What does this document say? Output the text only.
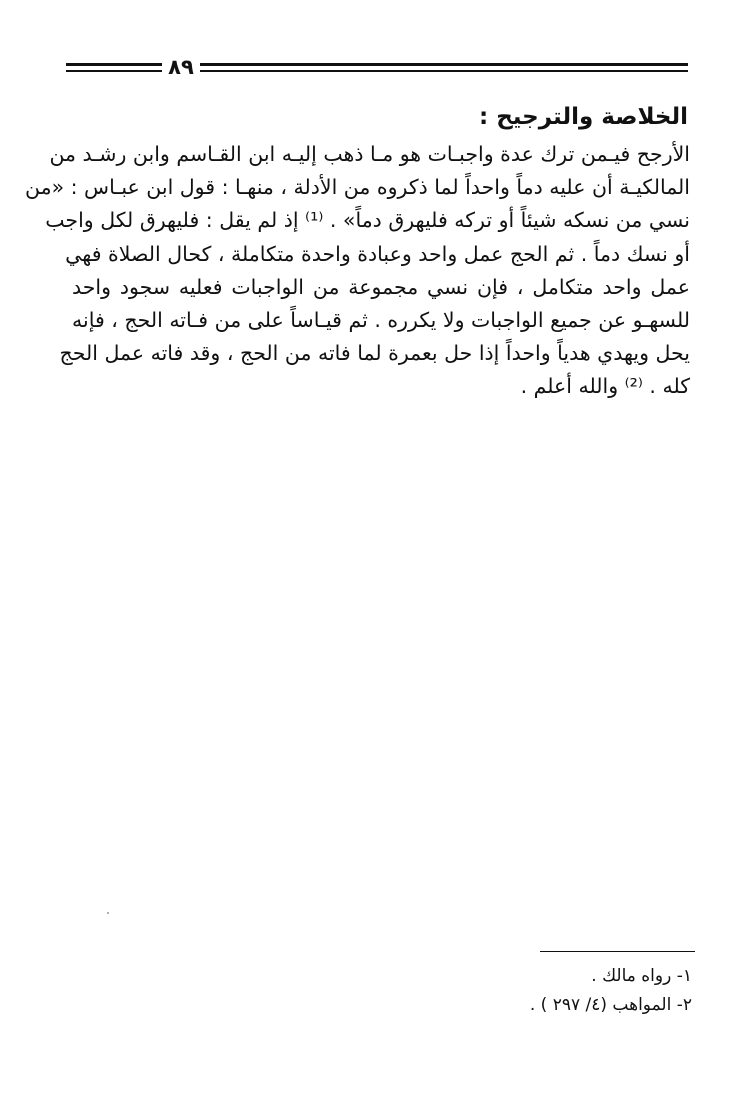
٨٩
الخلاصة والترجيح :
الأرجح فيـمن ترك عدة واجبـات هو مـا ذهب إليـه ابن القـاسم وابن رشـد من
المالكيـة أن عليه دماً واحداً لما ذكروه من الأدلة ، منهـا : قول ابن عبـاس : «من
نسي من نسكه شيئاً أو تركه فليهرق دماً» . ⁽¹⁾ إذ لم يقل : فليهرق لكل واجب
أو نسك دماً . ثم الحج عمل واحد وعبادة واحدة متكاملة ، كحال الصلاة فهي
عمل واحد متكامل ، فإن نسي مجموعة من الواجبات فعليه سجود واحد
للسهـو عن جميع الواجبات ولا يكرره . ثم قيـاساً على من فـاته الحج ، فإنه
يحل ويهدي هدياً واحداً إذا حل بعمرة لما فاته من الحج ، وقد فاته عمل الحج
كله . ⁽²⁾ والله أعلم .
١- رواه مالك .
٢- المواهب (٤/ ٢٩٧ ) .
